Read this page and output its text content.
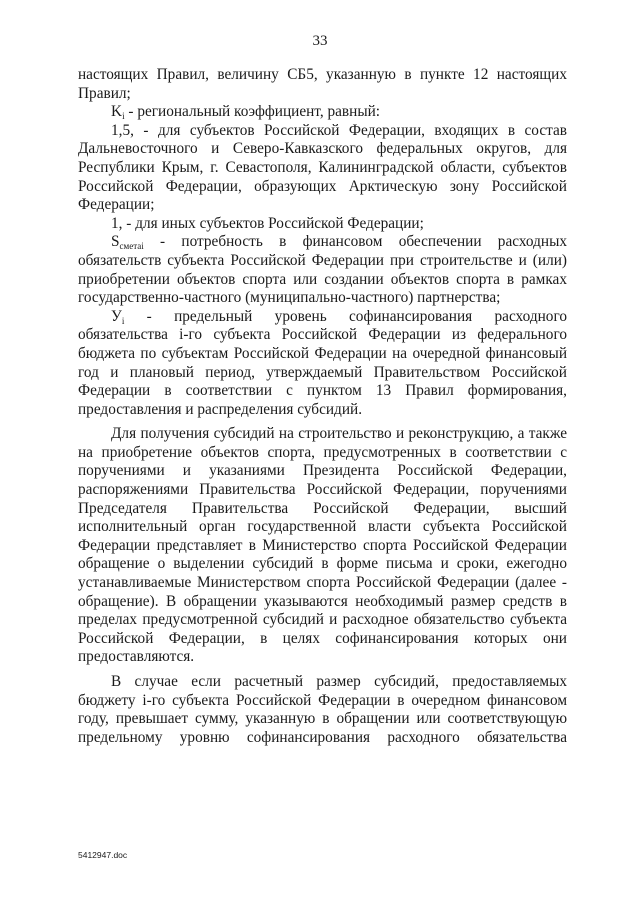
33

настоящих Правил, величину СБ5, указанную в пункте 12 настоящих Правил;

$K_i$ - региональный коэффициент, равный:

1,5, - для субъектов Российской Федерации, входящих в состав Дальневосточного и Северо-Кавказского федеральных округов, для Республики Крым, г. Севастополя, Калининградской области, субъектов Российской Федерации, образующих Арктическую зону Российской Федерации;

1, - для иных субъектов Российской Федерации;

$S_{сметаi}$ - потребность в финансовом обеспечении расходных обязательств субъекта Российской Федерации при строительстве и (или) приобретении объектов спорта или создании объектов спорта в рамках государственно-частного (муниципально-частного) партнерства;

$У_i$ - предельный уровень софинансирования расходного обязательства i-го субъекта Российской Федерации из федерального бюджета по субъектам Российской Федерации на очередной финансовый год и плановый период, утверждаемый Правительством Российской Федерации в соответствии с пунктом 13 Правил формирования, предоставления и распределения субсидий.

Для получения субсидий на строительство и реконструкцию, а также на приобретение объектов спорта, предусмотренных в соответствии с поручениями и указаниями Президента Российской Федерации, распоряжениями Правительства Российской Федерации, поручениями Председателя Правительства Российской Федерации, высший исполнительный орган государственной власти субъекта Российской Федерации представляет в Министерство спорта Российской Федерации обращение о выделении субсидий в форме письма и сроки, ежегодно устанавливаемые Министерством спорта Российской Федерации (далее - обращение). В обращении указываются необходимый размер средств в пределах предусмотренной субсидий и расходное обязательство субъекта Российской Федерации, в целях софинансирования которых они предоставляются.

В случае если расчетный размер субсидий, предоставляемых бюджету i-го субъекта Российской Федерации в очередном финансовом году, превышает сумму, указанную в обращении или соответствующую предельному уровню софинансирования расходного обязательства

5412947.doc
